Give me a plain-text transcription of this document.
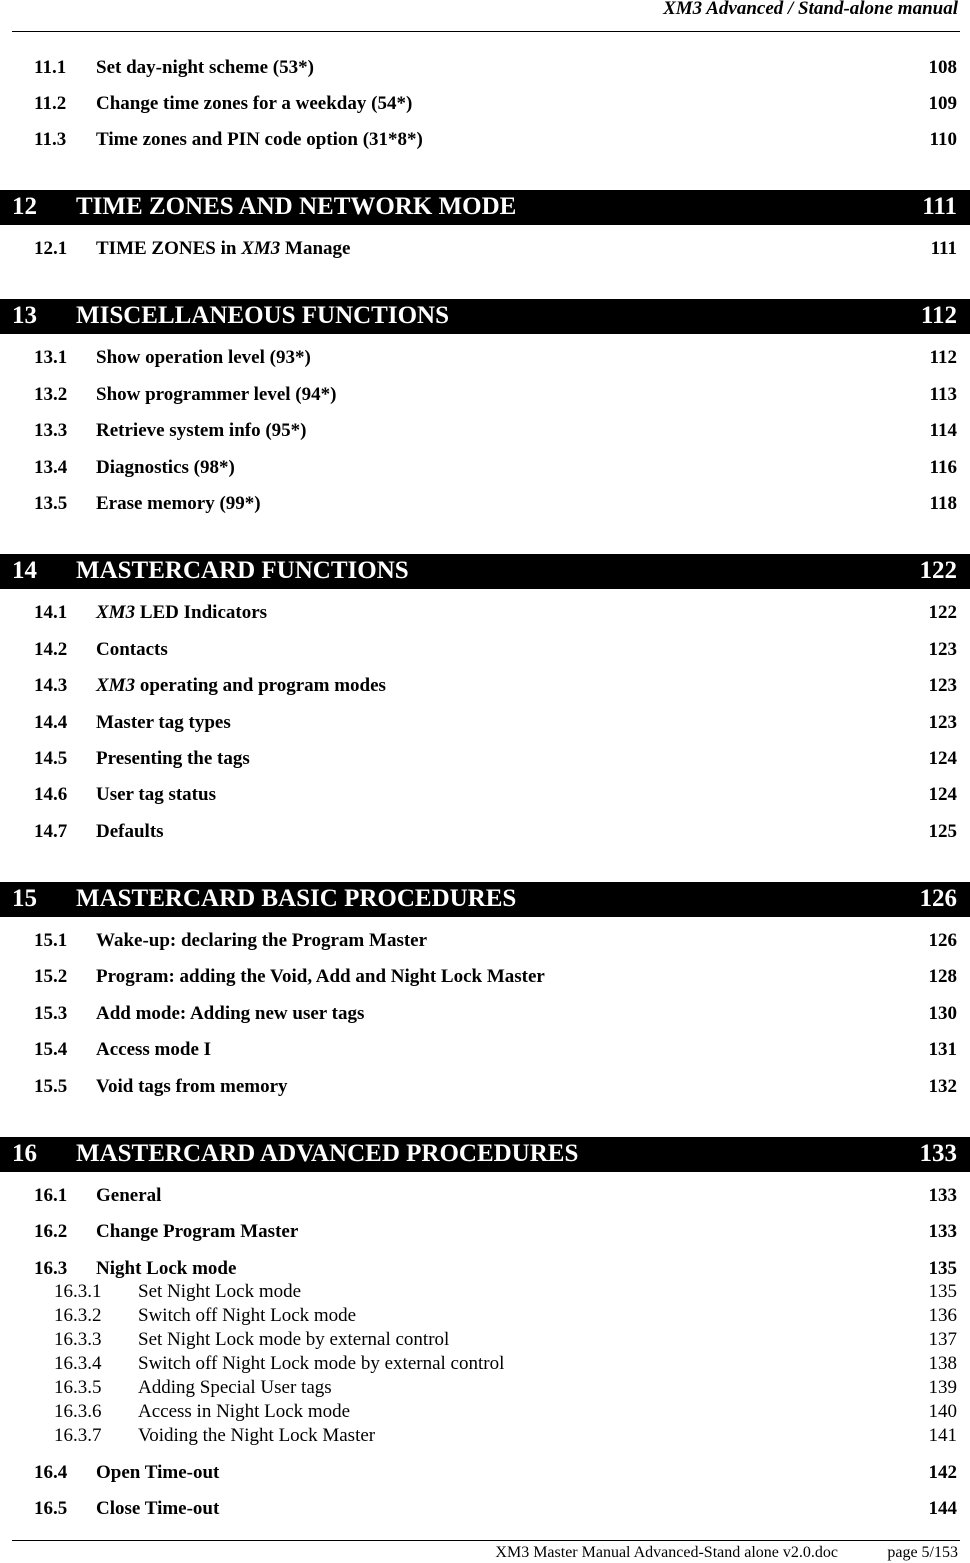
XM3 Advanced / Stand-alone manual
11.1 Set day-night scheme (53*)	108
11.2 Change time zones for a weekday (54*)	109
11.3 Time zones and PIN code option (31*8*)	110
12 TIME ZONES AND NETWORK MODE	111
12.1 TIME ZONES in XM3 Manage	111
13 MISCELLANEOUS FUNCTIONS	112
13.1 Show operation level (93*)	112
13.2 Show programmer level (94*)	113
13.3 Retrieve system info (95*)	114
13.4 Diagnostics (98*)	116
13.5 Erase memory (99*)	118
14 MASTERCARD FUNCTIONS	122
14.1 XM3 LED Indicators	122
14.2 Contacts	123
14.3 XM3 operating and program modes	123
14.4 Master tag types	123
14.5 Presenting the tags	124
14.6 User tag status	124
14.7 Defaults	125
15 MASTERCARD BASIC PROCEDURES	126
15.1 Wake-up: declaring the Program Master	126
15.2 Program: adding the Void, Add and Night Lock Master	128
15.3 Add mode: Adding new user tags	130
15.4 Access mode I	131
15.5 Void tags from memory	132
16 MASTERCARD ADVANCED PROCEDURES	133
16.1 General	133
16.2 Change Program Master	133
16.3 Night Lock mode	135
16.3.1 Set Night Lock mode	135
16.3.2 Switch off Night Lock mode	136
16.3.3 Set Night Lock mode by external control	137
16.3.4 Switch off Night Lock mode by external control	138
16.3.5 Adding Special User tags	139
16.3.6 Access in Night Lock mode	140
16.3.7 Voiding the Night Lock Master	141
16.4 Open Time-out	142
16.5 Close Time-out	144
XM3 Master Manual Advanced-Stand alone v2.0.doc	page 5/153
